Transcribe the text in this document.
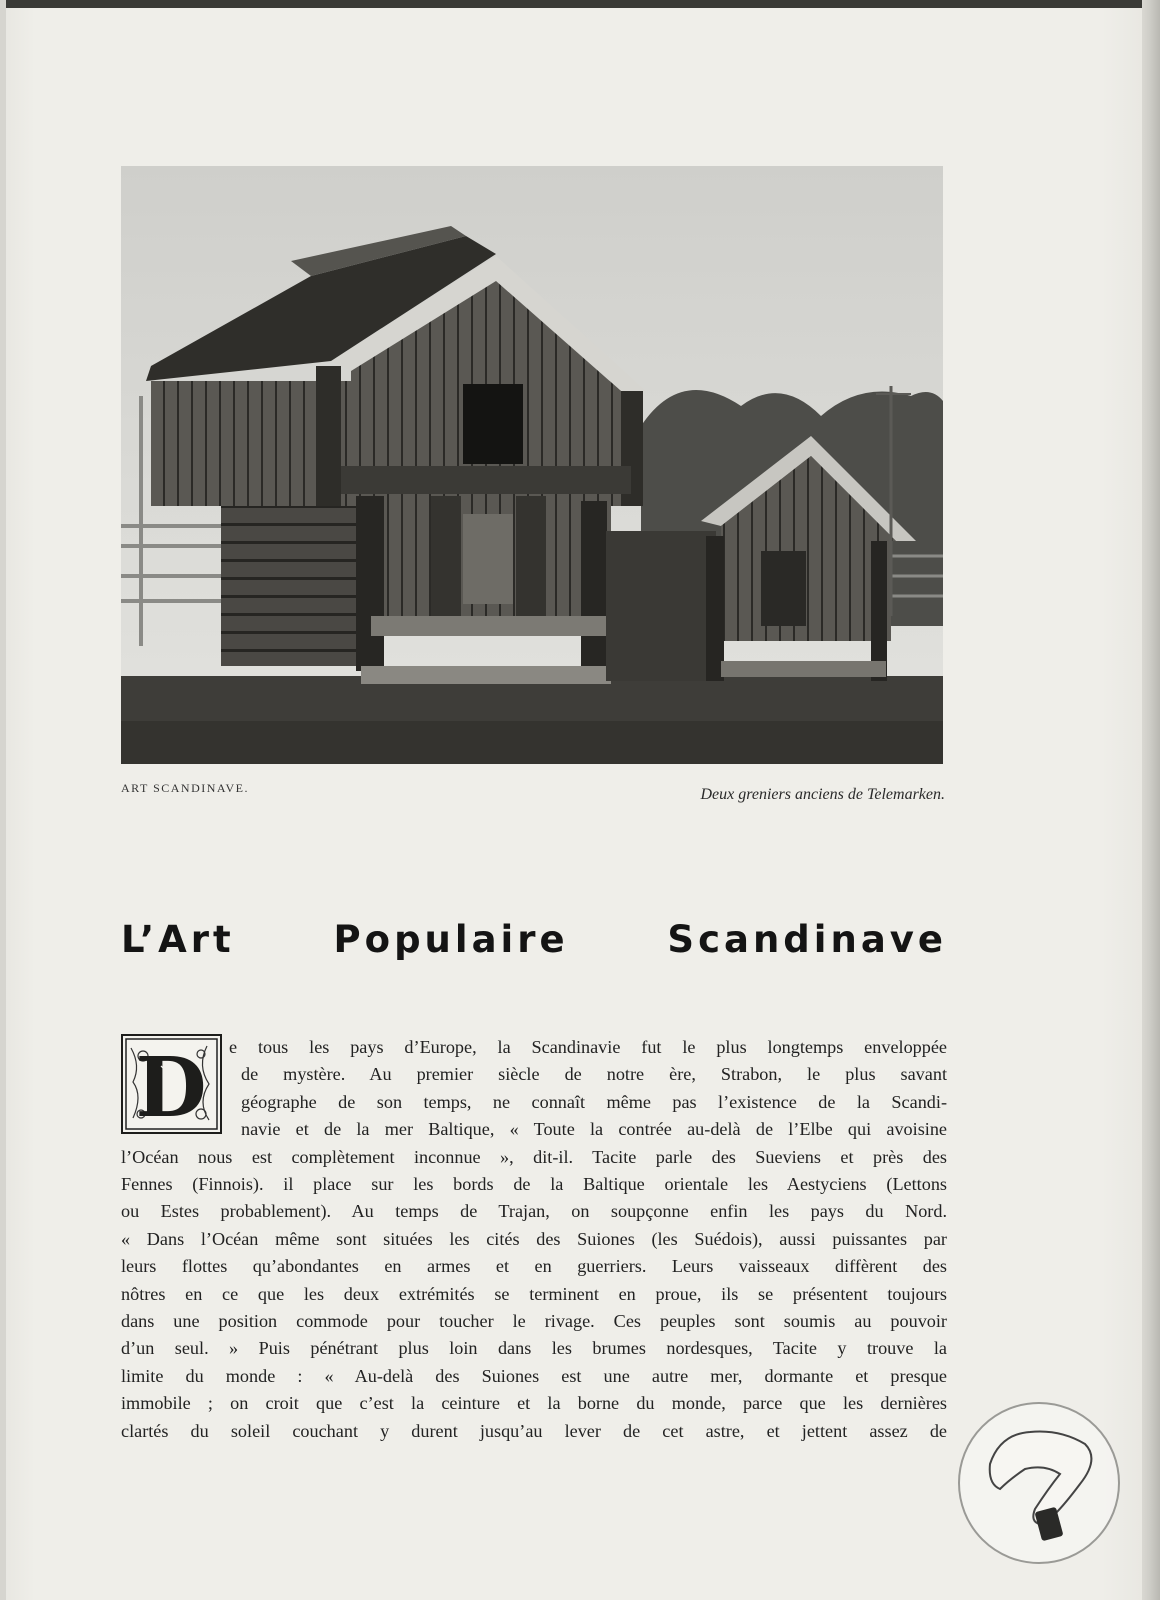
ART SCANDINAVE.	Deux greniers anciens de Telemarken.
L’Art Populaire Scandinave
D	e tous les pays d’Europe, la Scandinavie fut le plus longtemps enveloppée
de mystère. Au premier siècle de notre ère, Strabon, le plus savant
géographe de son temps, ne connaît même pas l’existence de la Scandi-
navie et de la mer Baltique, « Toute la contrée au-delà de l’Elbe qui avoisine
l’Océan nous est complètement inconnue », dit-il. Tacite parle des Sueviens et près des
Fennes (Finnois). il place sur les bords de la Baltique orientale les Aestyciens (Lettons
ou Estes probablement). Au temps de Trajan, on soupçonne enfin les pays du Nord.
« Dans l’Océan même sont situées les cités des Suiones (les Suédois), aussi puissantes par
leurs flottes qu’abondantes en armes et en guerriers. Leurs vaisseaux diffèrent des
nôtres en ce que les deux extrémités se terminent en proue, ils se présentent toujours
dans une position commode pour toucher le rivage. Ces peuples sont soumis au pouvoir
d’un seul. » Puis pénétrant plus loin dans les brumes nordesques, Tacite y trouve la
limite du monde : « Au-delà des Suiones est une autre mer, dormante et presque
immobile ; on croit que c’est la ceinture et la borne du monde, parce que les dernières
clartés du soleil couchant y durent jusqu’au lever de cet astre, et jettent assez de
